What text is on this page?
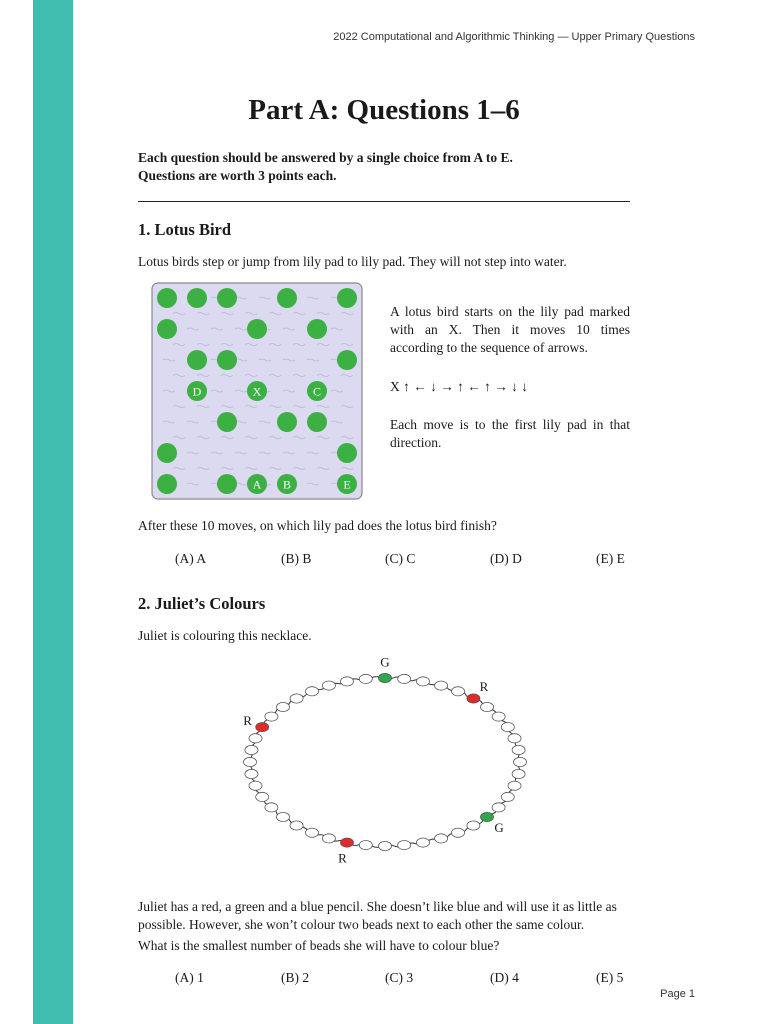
2022 Computational and Algorithmic Thinking — Upper Primary Questions
Part A: Questions 1–6
Each question should be answered by a single choice from A to E.
Questions are worth 3 points each.
1. Lotus Bird
Lotus birds step or jump from lily pad to lily pad. They will not step into water.
D	X	C
A B	E
A lotus bird starts on the lily pad marked with an X. Then it moves 10 times according to the sequence of arrows.
X ↑ ← ↓ → ↑ ← ↑ → ↓ ↓
Each move is to the first lily pad in that direction.
After these 10 moves, on which lily pad does the lotus bird finish?
(A) A	(B) B	(C) C	(D) D	(E) E
2. Juliet’s Colours
Juliet is colouring this necklace.
G
R
G
R
R
Juliet has a red, a green and a blue pencil. She doesn’t like blue and will use it as little as possible. However, she won’t colour two beads next to each other the same colour.
What is the smallest number of beads she will have to colour blue?
(A) 1	(B) 2	(C) 3	(D) 4	(E) 5
Page 1
